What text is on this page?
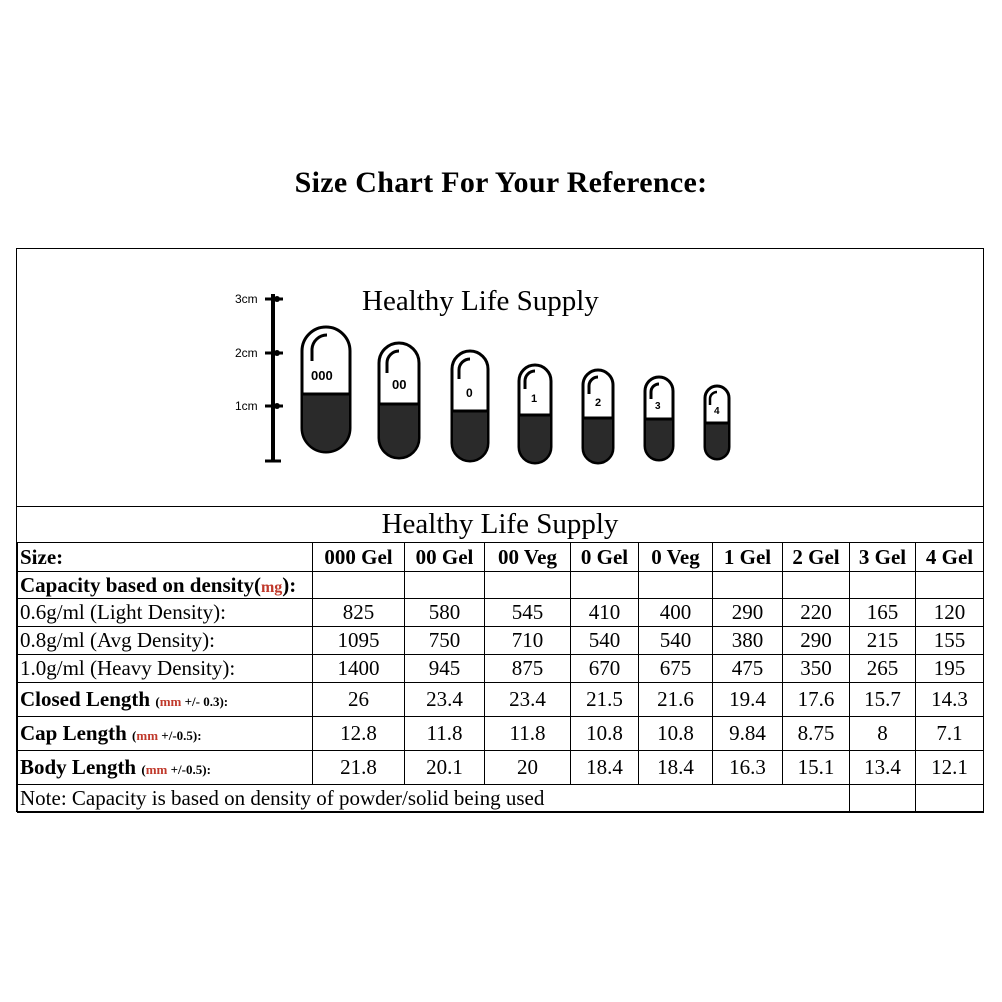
Size Chart For Your Reference:
Healthy Life Supply
3cm
2cm
1cm
000
00
0	1	2	3	4
Healthy Life Supply
Size:	000 Gel	00 Gel	00 Veg	0 Gel	0 Veg	1 Gel	2 Gel	3 Gel	4 Gel
Capacity based on density(mg):									
0.6g/ml (Light Density):	825	580	545	410	400	290	220	165	120
0.8g/ml (Avg Density):	1095	750	710	540	540	380	290	215	155
1.0g/ml (Heavy Density):	1400	945	875	670	675	475	350	265	195
Closed Length (mm +/- 0.3):	26	23.4	23.4	21.5	21.6	19.4	17.6	15.7	14.3
Cap Length (mm +/-0.5):	12.8	11.8	11.8	10.8	10.8	9.84	8.75	8	7.1
Body Length (mm +/-0.5):	21.8	20.1	20	18.4	18.4	16.3	15.1	13.4	12.1
Note: Capacity is based on density of powder/solid being used									
